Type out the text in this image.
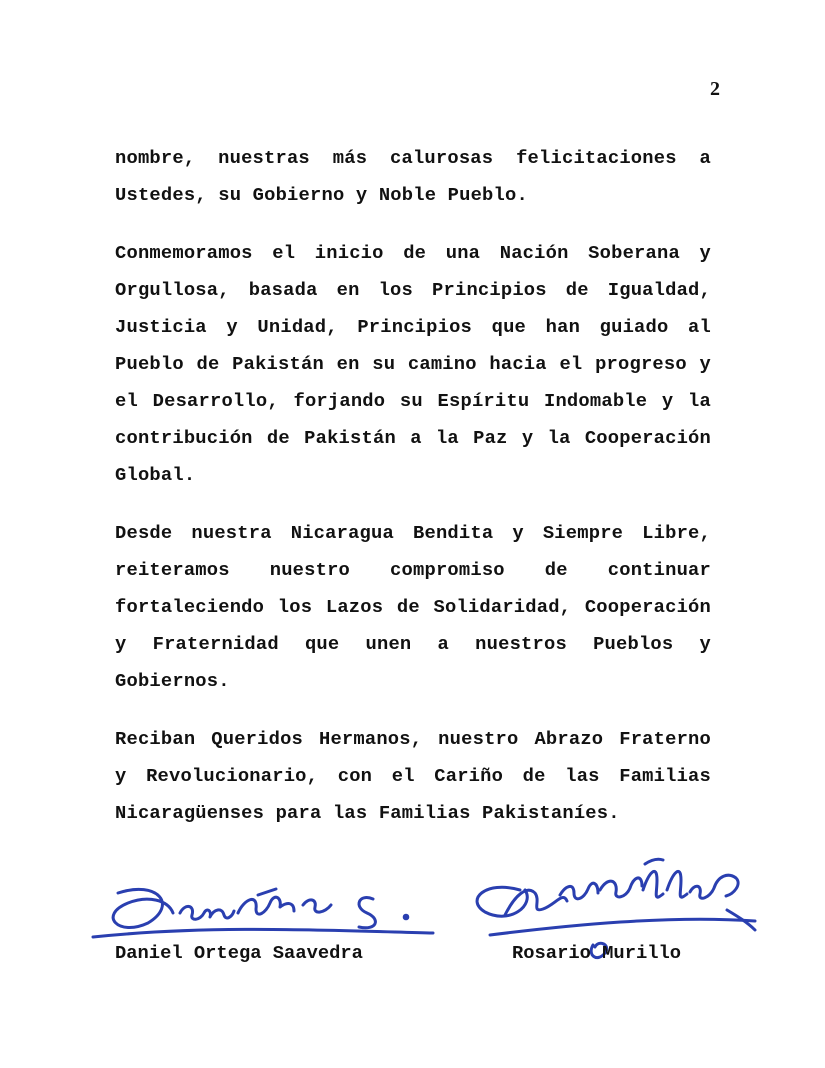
2

nombre, nuestras más calurosas felicitaciones a Ustedes, su Gobierno y Noble Pueblo.

Conmemoramos el inicio de una Nación Soberana y Orgullosa, basada en los Principios de Igualdad, Justicia y Unidad, Principios que han guiado al Pueblo de Pakistán en su camino hacia el progreso y el Desarrollo, forjando su Espíritu Indomable y la contribución de Pakistán a la Paz y la Cooperación Global.

Desde nuestra Nicaragua Bendita y Siempre Libre, reiteramos nuestro compromiso de continuar fortaleciendo los Lazos de Solidaridad, Cooperación y Fraternidad que unen a nuestros Pueblos y Gobiernos.

Reciban Queridos Hermanos, nuestro Abrazo Fraterno y Revolucionario, con el Cariño de las Familias Nicaragüenses para las Familias Pakistaníes.

Daniel Ortega Saavedra	Rosario Murillo
